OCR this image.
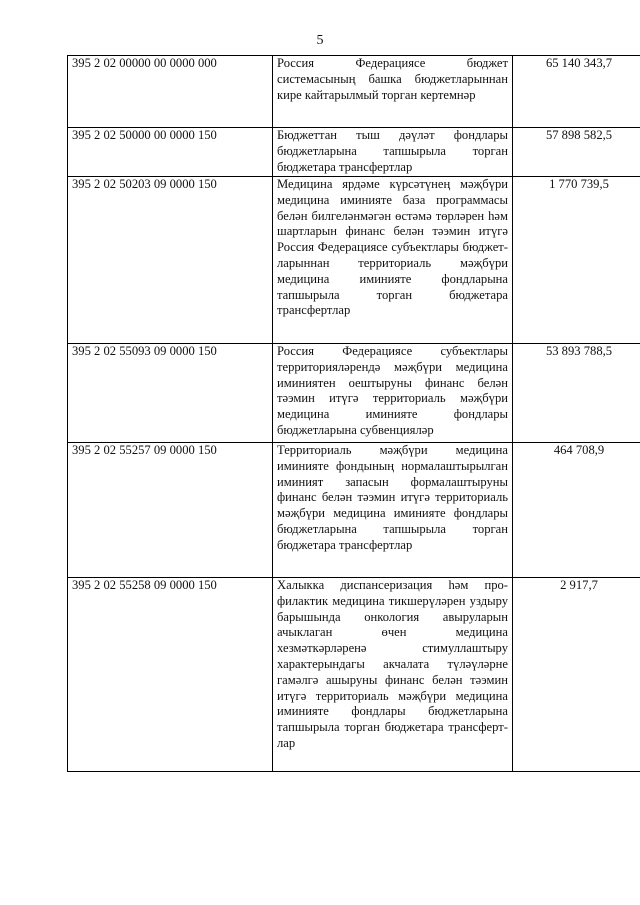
5
395 2 02 00000 00 0000 000	Россия Федерациясе бюджет системасының башка бюджетларыннан кире кайтарылмый торган кертемнәр	65 140 343,7
395 2 02 50000 00 0000 150	Бюджеттан тыш дәүләт фондлары бюджетларына тапшырыла торган бюджетара трансфертлар	57 898 582,5
395 2 02 50203 09 0000 150	Медицина ярдәме күрсәтүнең мәҗбүри медицина иминияте база программасы белән билгеләнмәгән өстәмә төрләрен һәм шартларын финанс белән тәэмин итүгә Россия Федерациясе субъектлары бюджетларыннан территориаль мәҗбүри медицина иминияте фондларына тапшырыла торган бюджетара трансфертлар	1 770 739,5
395 2 02 55093 09 0000 150	Россия Федерациясе субъектлары территорияләрендә мәҗбүри медицина иминиятен оештыруны финанс белән тәэмин итүгә территориаль мәҗбүри медицина иминияте фондлары бюджетларына субвенцияләр	53 893 788,5
395 2 02 55257 09 0000 150	Территориаль мәҗбүри медицина иминияте фондының нормалаштырылган иминият запасын формалаштыруны финанс белән тәэмин итүгә территориаль мәҗбүри медицина иминияте фондлары бюджетларына тапшырыла торган бюджетара трансфертлар	464 708,9
395 2 02 55258 09 0000 150	Халыкка диспансеризация һәм профилактик медицина тикшерүләрен уздыру барышында онкология авыруларын ачыклаган өчен медицина хезмәткәрләренә стимуллаштыру характерындагы акчалата түләүләрне гамәлгә ашыруны финанс белән тәэмин итүгә территориаль мәҗбүри медицина иминияте фондлары бюджетларына тапшырыла торган бюджетара трансфертлар	2 917,7
